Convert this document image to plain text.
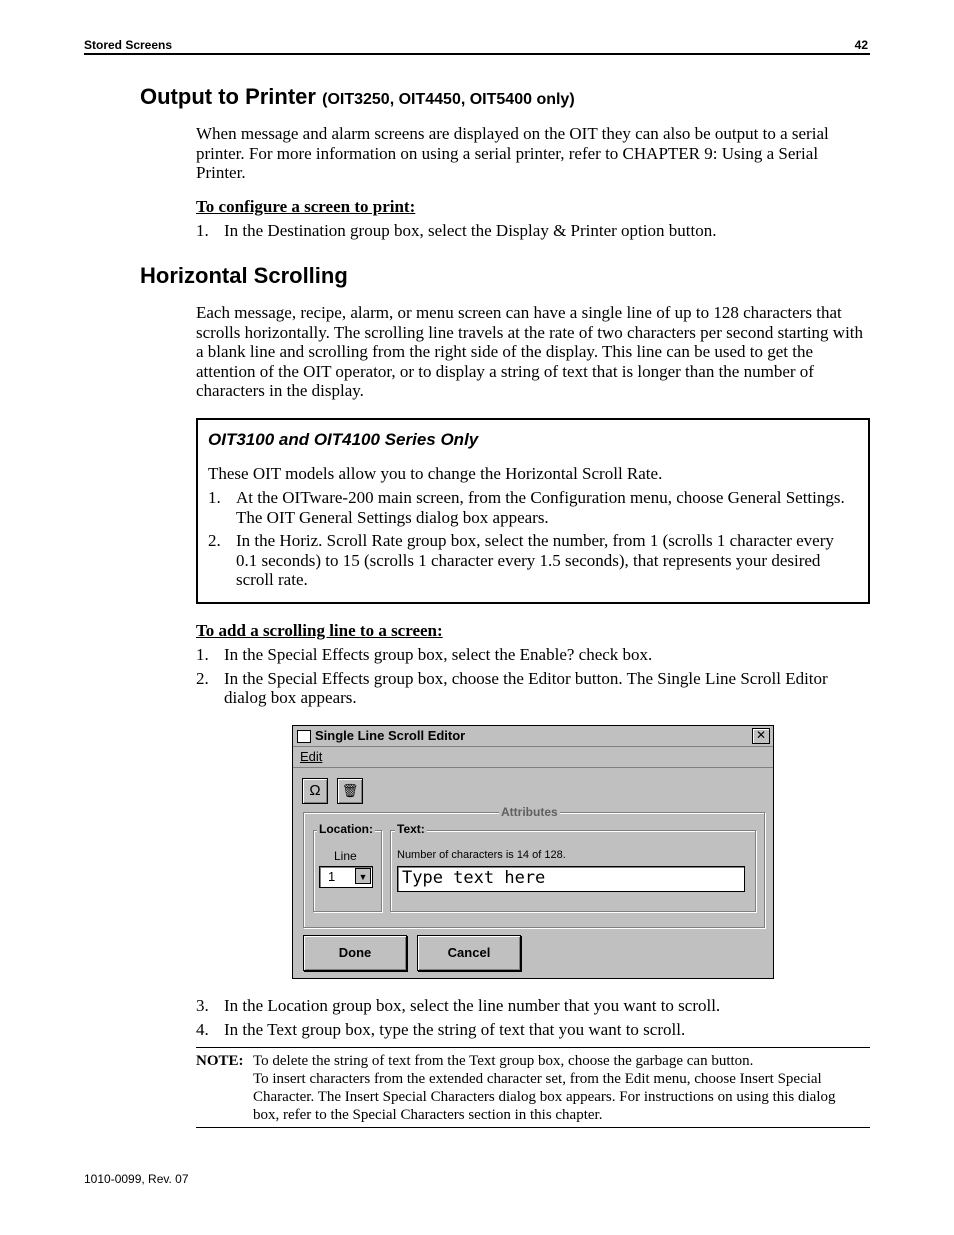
Stored Screens	42
Output to Printer (OIT3250, OIT4450, OIT5400 only)
When message and alarm screens are displayed on the OIT they can also be output to a serial printer. For more information on using a serial printer, refer to CHAPTER 9: Using a Serial Printer.
To configure a screen to print:
1. In the Destination group box, select the Display & Printer option button.
Horizontal Scrolling
Each message, recipe, alarm, or menu screen can have a single line of up to 128 characters that scrolls horizontally. The scrolling line travels at the rate of two characters per second starting with a blank line and scrolling from the right side of the display. This line can be used to get the attention of the OIT operator, or to display a string of text that is longer than the number of characters in the display.
OIT3100 and OIT4100 Series Only
These OIT models allow you to change the Horizontal Scroll Rate.
1. At the OITware-200 main screen, from the Configuration menu, choose General Settings. The OIT General Settings dialog box appears.
2. In the Horiz. Scroll Rate group box, select the number, from 1 (scrolls 1 character every 0.1 seconds) to 15 (scrolls 1 character every 1.5 seconds), that represents your desired scroll rate.
To add a scrolling line to a screen:
1. In the Special Effects group box, select the Enable? check box.
2. In the Special Effects group box, choose the Editor button. The Single Line Scroll Editor dialog box appears.
Single Line Scroll Editor	✕
Edit
Ω	🗑
Attributes
Location:
Line
1	▼
Text:
Number of characters is 14 of 128.
Type text here
Done	Cancel
3. In the Location group box, select the line number that you want to scroll.
4. In the Text group box, type the string of text that you want to scroll.
NOTE: To delete the string of text from the Text group box, choose the garbage can button.
To insert characters from the extended character set, from the Edit menu, choose Insert Special Character. The Insert Special Characters dialog box appears. For instructions on using this dialog box, refer to the Special Characters section in this chapter.
1010-0099, Rev. 07
